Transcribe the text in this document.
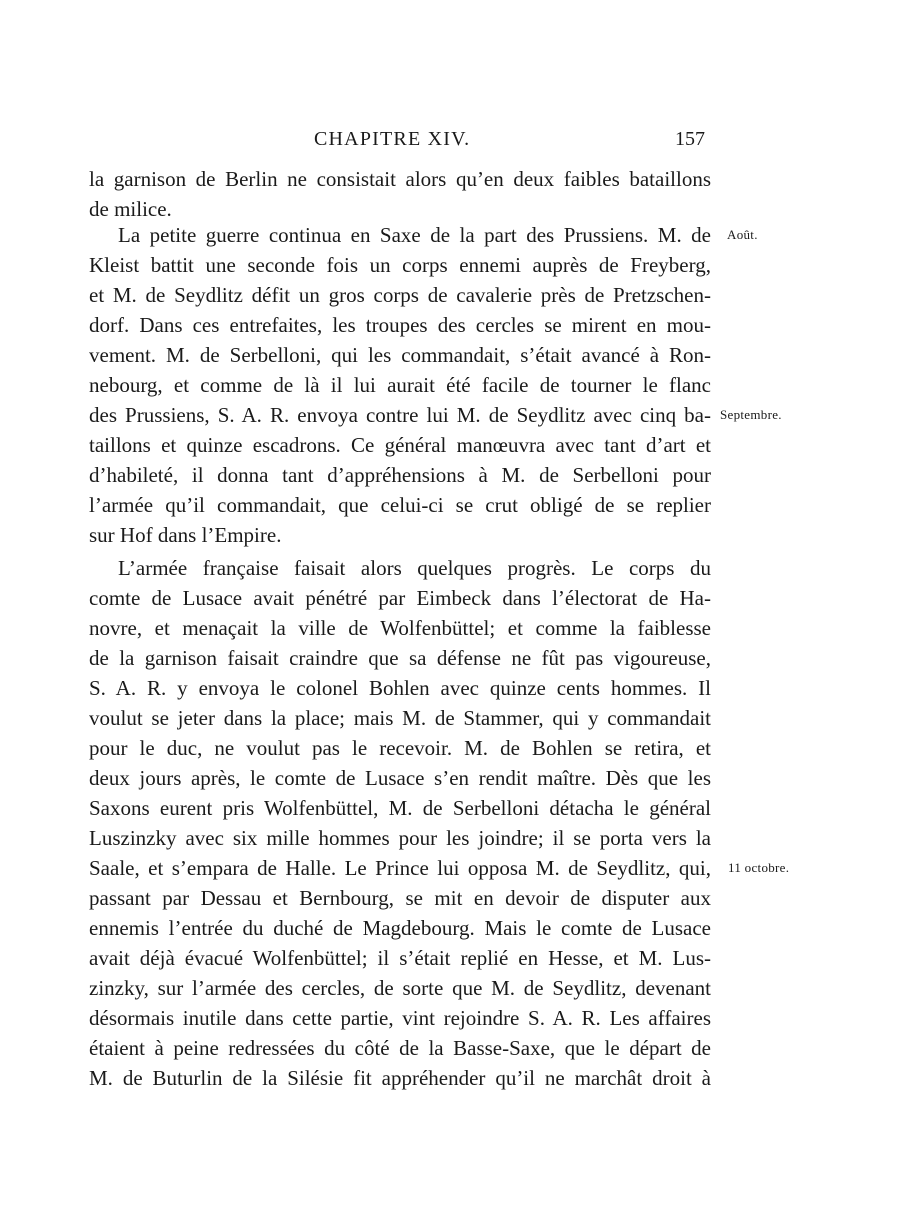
CHAPITRE XIV.	157
la garnison de Berlin ne consistait alors qu’en deux faibles bataillons
de milice.
La petite guerre continua en Saxe de la part des Prussiens. M. de
Kleist battit une seconde fois un corps ennemi auprès de Freyberg,
et M. de Seydlitz défit un gros corps de cavalerie près de Pretzschen-
dorf. Dans ces entrefaites, les troupes des cercles se mirent en mou-
vement. M. de Serbelloni, qui les commandait, s’était avancé à Ron-
nebourg, et comme de là il lui aurait été facile de tourner le flanc
des Prussiens, S. A. R. envoya contre lui M. de Seydlitz avec cinq ba-
taillons et quinze escadrons. Ce général manœuvra avec tant d’art et
d’habileté, il donna tant d’appréhensions à M. de Serbelloni pour
l’armée qu’il commandait, que celui-ci se crut obligé de se replier
sur Hof dans l’Empire.
L’armée française faisait alors quelques progrès. Le corps du
comte de Lusace avait pénétré par Eimbeck dans l’électorat de Ha-
novre, et menaçait la ville de Wolfenbüttel; et comme la faiblesse
de la garnison faisait craindre que sa défense ne fût pas vigoureuse,
S. A. R. y envoya le colonel Bohlen avec quinze cents hommes. Il
voulut se jeter dans la place; mais M. de Stammer, qui y commandait
pour le duc, ne voulut pas le recevoir. M. de Bohlen se retira, et
deux jours après, le comte de Lusace s’en rendit maître. Dès que les
Saxons eurent pris Wolfenbüttel, M. de Serbelloni détacha le général
Luszinzky avec six mille hommes pour les joindre; il se porta vers la
Saale, et s’empara de Halle. Le Prince lui opposa M. de Seydlitz, qui,
passant par Dessau et Bernbourg, se mit en devoir de disputer aux
ennemis l’entrée du duché de Magdebourg. Mais le comte de Lusace
avait déjà évacué Wolfenbüttel; il s’était replié en Hesse, et M. Lus-
zinzky, sur l’armée des cercles, de sorte que M. de Seydlitz, devenant
désormais inutile dans cette partie, vint rejoindre S. A. R. Les affaires
étaient à peine redressées du côté de la Basse-Saxe, que le départ de
M. de Buturlin de la Silésie fit appréhender qu’il ne marchât droit à
Août.
Septembre.
11 octobre.
